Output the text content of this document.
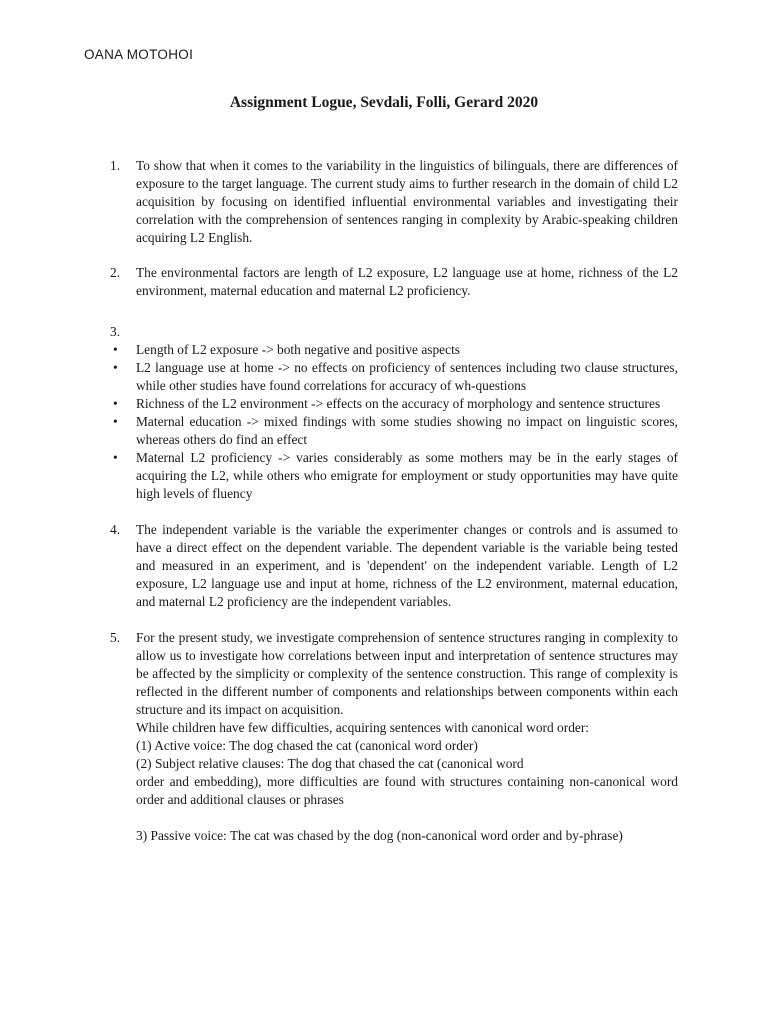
OANA MOTOHOI
Assignment Logue, Sevdali, Folli, Gerard 2020
1. To show that when it comes to the variability in the linguistics of bilinguals, there are differences of exposure to the target language. The current study aims to further research in the domain of child L2 acquisition by focusing on identified influential environmental variables and investigating their correlation with the comprehension of sentences ranging in complexity by Arabic-speaking children acquiring L2 English.
2. The environmental factors are length of L2 exposure, L2 language use at home, richness of the L2 environment, maternal education and maternal L2 proficiency.
3.

• Length of L2 exposure -> both negative and positive aspects
• L2 language use at home -> no effects on proficiency of sentences including two clause structures, while other studies have found correlations for accuracy of wh-questions
• Richness of the L2 environment -> effects on the accuracy of morphology and sentence structures
• Maternal education -> mixed findings with some studies showing no impact on linguistic scores, whereas others do find an effect
• Maternal L2 proficiency -> varies considerably as some mothers may be in the early stages of acquiring the L2, while others who emigrate for employment or study opportunities may have quite high levels of fluency
4. The independent variable is the variable the experimenter changes or controls and is assumed to have a direct effect on the dependent variable. The dependent variable is the variable being tested and measured in an experiment, and is 'dependent' on the independent variable. Length of L2 exposure, L2 language use and input at home, richness of the L2 environment, maternal education, and maternal L2 proficiency are the independent variables.
5. For the present study, we investigate comprehension of sentence structures ranging in complexity to allow us to investigate how correlations between input and interpretation of sentence structures may be affected by the simplicity or complexity of the sentence construction. This range of complexity is reflected in the different number of components and relationships between components within each structure and its impact on acquisition.
While children have few difficulties, acquiring sentences with canonical word order:
(1) Active voice: The dog chased the cat (canonical word order)
(2) Subject relative clauses: The dog that chased the cat (canonical word
order and embedding), more difficulties are found with structures containing non-canonical word order and additional clauses or phrases
3) Passive voice: The cat was chased by the dog (non-canonical word order and by-phrase)
